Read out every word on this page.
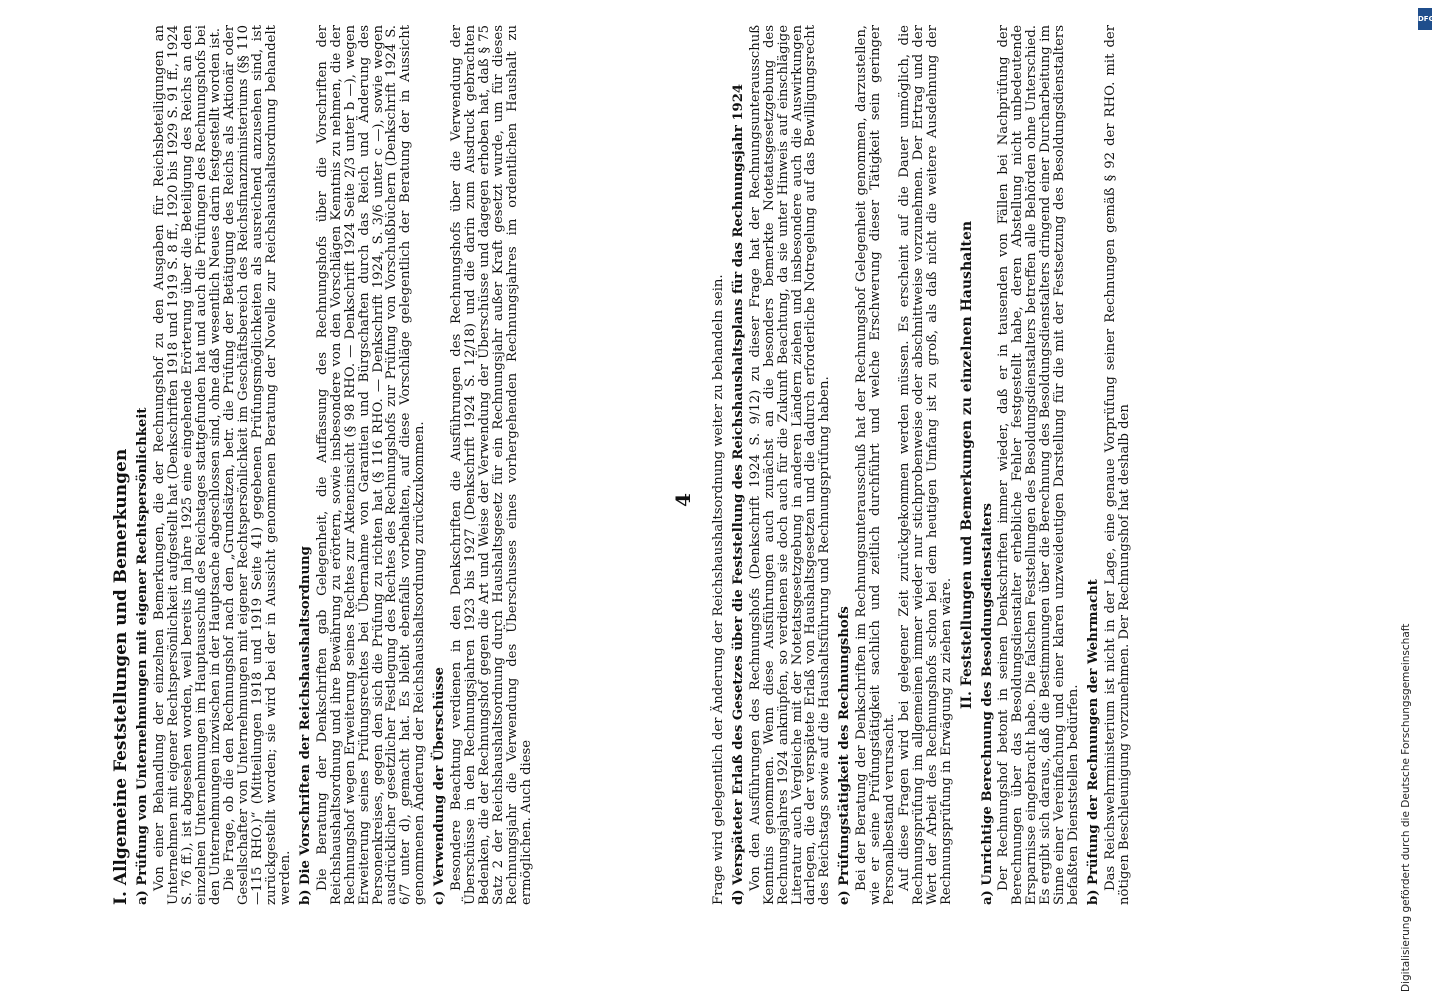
I. Allgemeine Feststellungen und Bemerkungen a) Prüfung von Unternehmungen mit eigener Rechtspersönlichkeit Von einer Behandlung der einzelnen Bemerkungen, die der Rechnungshof zu den Ausgaben für Reichsbeteiligungen an Unternehmen mit eigener Rechtspersönlichkeit aufgestellt hat (Denkschriften 1918 und 1919 S. 8 ff., 1920 bis 1929 S. 91 ff., 1924 S. 76 ff.), ist abgesehen worden, weil bereits im Jahre 1925 eine eingehende Erörterung über die Beteiligung des Reichs an den einzelnen Unternehmungen im Hauptausschuß des Reichstages stattgefunden hat und auch die Prüfungen des Rechnungshofs bei den Unternehmungen inzwischen in der Hauptsache abgeschlossen sind, ohne daß wesentlich Neues darin festgestellt worden ist. Die Frage, ob die den Rechnungshof nach den „Grundsätzen, betr. die Prüfung der Betätigung des Reichs als Aktionär oder Gesellschafter von Unternehmungen mit eigener Rechtspersönlichkeit im Geschäftsbereich des Reichsfinanzministeriums (§§ 110—115 RHO.)“ (Mitteilungen 1918 und 1919 Seite 41) gegebenen Prüfungsmöglichkeiten als ausreichend anzusehen sind, ist zurückgestellt worden; sie wird bei der in Aussicht genommenen Beratung der Novelle zur Reichshaushaltsordnung behandelt werden. b) Die Vorschriften der Reichshaushaltsordnung Die Beratung der Denkschriften gab Gelegenheit, die Auffassung des Rechnungshofs über die Vorschriften der Reichshaushaltsordnung und ihre Bewährung zu erörtern, sowie insbesondere von den Vorschlägen Kenntnis zu nehmen, die der Rechnungshof wegen Erweiterung seines Rechtes zur Aktenεinsicht (§ 98 RHO. — Denkschrift 1924 Seite 2/3 unter b —), wegen Erweiterung seines Prüfungsrechtes bei Übernahme von Garantien und Bürgschaften durch das Reich und Änderung des Personenkreises, gegen den sich die Prüfung zu richten hat (§ 116 RHO. — Denkschrift 1924, S. 3/6 unter c —), sowie wegen ausdrücklicher gesetzlicher Festlegung des Rechtes des Rechnungshofs zur Prüfung von Vorschußbüchern (Denkschrift 1924 S. 6/7 unter d), gemacht hat. Es bleibt ebenfalls vorbehalten, auf diese Vorschläge gelegentlich der Beratung der in Aussicht genommenen Änderung der Reichshaushaltsordnung zurückzukommen. c) Verwendung der Überschüsse Besondere Beachtung verdienen in den Denkschriften die Ausführungen des Rechnungshofs über die Verwendung der Überschüsse in den Rechnungsjahren 1923 bis 1927 (Denkschrift 1924 S. 12/18) und die darin zum Ausdruck gebrachten Bedenken, die der Rechnungshof gegen die Art und Weise der Verwendung der Überschüsse und dagegen erhoben hat, daß § 75 Satz 2 der Reichshaushaltsordnung durch Haushaltsgesetz für ein Rechnungsjahr außer Kraft gesetzt wurde, um für dieses Rechnungsjahr die Verwendung des Überschusses eines vorhergehenden Rechnungsjahres im ordentlichen Haushalt zu ermöglichen. Auch diese

4 Frage wird gelegentlich der Änderung der Reichshaushaltsordnung weiter zu behandeln sein. d) Verspäteter Erlaß des Gesetzes über die Feststellung des Reichshaushaltsplans für das Rechnungsjahr 1924 Von den Ausführungen des Rechnungshofs (Denkschrift 1924 S. 9/12) zu dieser Frage hat der Rechnungsunterausschuß Kenntnis genommen. Wenn diese Ausführungen auch zunächst an die besonders bemerkte Notetatsgesetzgebung des Rechnungsjahres 1924 anknüpfen, so verdienen sie doch auch für die Zukunft Beachtung, da sie unter Hinweis auf einschlägige Literatur auch Vergleiche mit der Notetatsgesetzgebung in anderen Ländern ziehen und insbesondere auch die Auswirkungen darlegen, die der verspätete Erlaß von Haushaltsgesetzen und die dadurch erforderliche Notregelung auf das Bewilligungsrecht des Reichstags sowie auf die Haushaltsführung und Rechnungsprüfung haben. e) Prüfungstätigkeit des Rechnungshofs Bei der Beratung der Denkschriften im Rechnungsunterausschuß hat der Rechnungshof Gelegenheit genommen, darzustellen, wie er seine Prüfungstätigkeit sachlich und zeitlich durchführt und welche Erschwerung dieser Tätigkeit sein geringer Personalbestand verursacht. Auf diese Fragen wird bei gelegener Zeit zurückgekommen werden müssen. Es erscheint auf die Dauer unmöglich, die Rechnungsprüfung im allgemeinen immer wieder nur stichprobenweise oder abschnittweise vorzunehmen. Der Ertrag und der Wert der Arbeit des Rechnungshofs schon bei dem heutigen Umfang ist zu groß, als daß nicht die weitere Ausdehnung der Rechnungsprüfung in Erwägung zu ziehen wäre.

II. Feststellungen und Bemerkungen zu einzelnen Haushalten a) Unrichtige Berechnung des Besoldungsdienstalters Der Rechnungshof betont in seinen Denkschriften immer wieder, daß er in tausenden von Fällen bei Nachprüfung der Berechnungen über das Besoldungsdienstalter erhebliche Fehler festgestellt habe, deren Abstellung nicht unbedeutende Ersparnisse eingebracht habe. Die falschen Feststellungen des Besoldungsdienstalters betreffen alle Behörden ohne Unterschied. Es ergibt sich daraus, daß die Bestimmungen über die Berechnung des Besoldungsdienstalters dringend einer Durcharbeitung im Sinne einer Vereinfachung und einer klaren unzweideutigen Darstellung für die mit der Festsetzung des Besoldungsdienstalters befaßten Dienststellen bedürfen. b) Prüfung der Rechnungen der Wehrmacht Das Reichswehrministerium ist nicht in der Lage, eine genaue Vorprüfung seiner Rechnungen gemäß § 92 der RHO. mit der nötigen Beschleunigung vorzunehmen. Der Rechnungshof hat deshalb den	Digitalisierung gefördert durch die Deutsche Forschungsgemeinschaft
DFG
